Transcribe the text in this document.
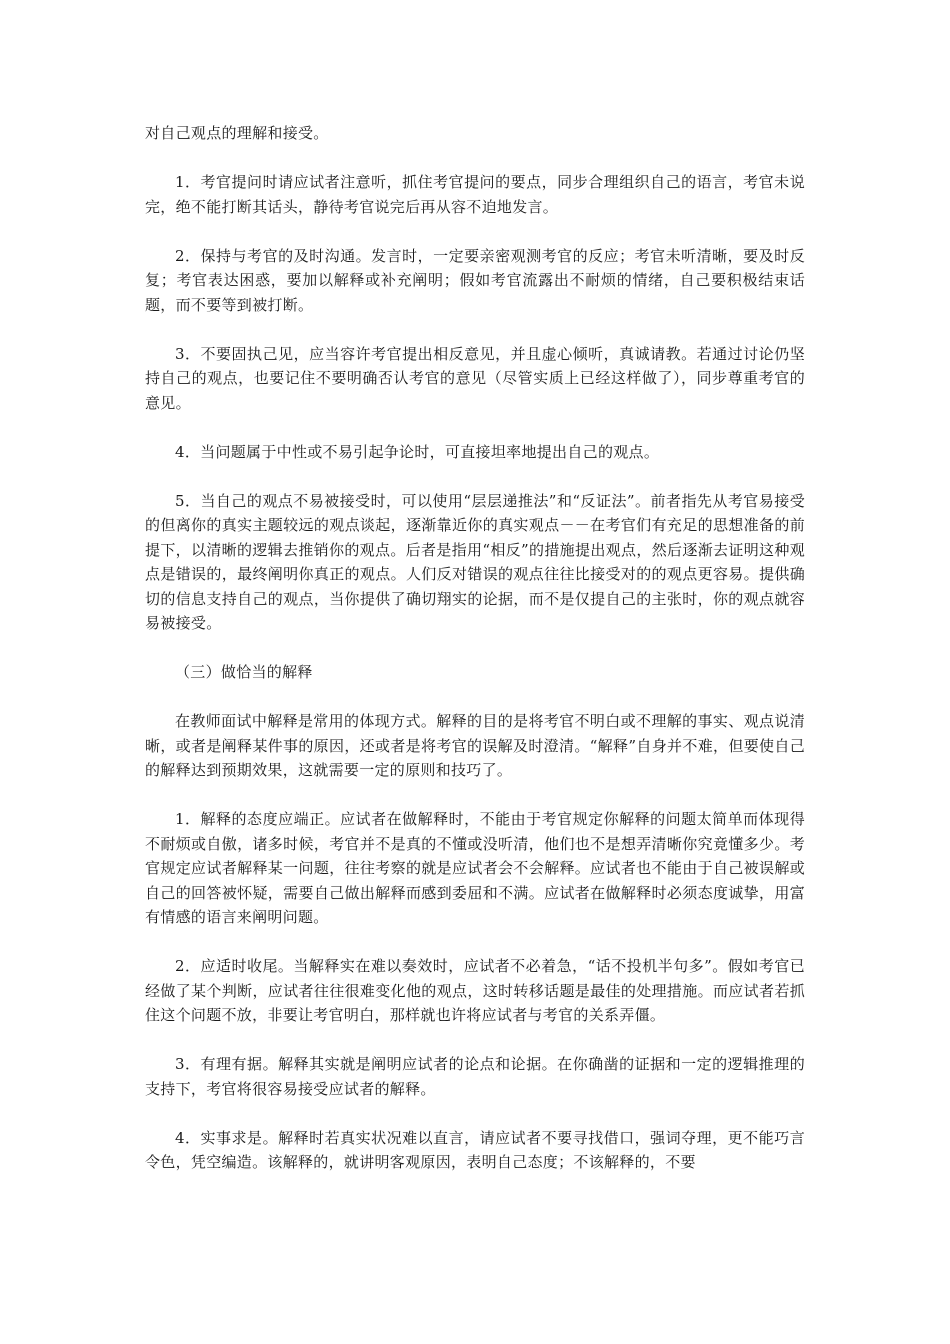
对自己观点的理解和接受。

1．考官提问时请应试者注意听，抓住考官提问的要点，同步合理组织自己的语言，考官未说完，绝不能打断其话头，静待考官说完后再从容不迫地发言。

2．保持与考官的及时沟通。发言时，一定要亲密观测考官的反应；考官未听清晰，要及时反复；考官表达困惑，要加以解释或补充阐明；假如考官流露出不耐烦的情绪，自己要积极结束话题，而不要等到被打断。

3．不要固执己见，应当容许考官提出相反意见，并且虚心倾听，真诚请教。若通过讨论仍坚持自己的观点，也要记住不要明确否认考官的意见（尽管实质上已经这样做了），同步尊重考官的意见。

4．当问题属于中性或不易引起争论时，可直接坦率地提出自己的观点。

5．当自己的观点不易被接受时，可以使用“层层递推法”和“反证法”。前者指先从考官易接受的但离你的真实主题较远的观点谈起，逐渐靠近你的真实观点－－在考官们有充足的思想准备的前提下，以清晰的逻辑去推销你的观点。后者是指用“相反”的措施提出观点，然后逐渐去证明这种观点是错误的，最终阐明你真正的观点。人们反对错误的观点往往比接受对的的观点更容易。提供确切的信息支持自己的观点，当你提供了确切翔实的论据，而不是仅提自己的主张时，你的观点就容易被接受。

（三）做恰当的解释

在教师面试中解释是常用的体现方式。解释的目的是将考官不明白或不理解的事实、观点说清晰，或者是阐释某件事的原因，还或者是将考官的误解及时澄清。“解释”自身并不难，但要使自己的解释达到预期效果，这就需要一定的原则和技巧了。

1．解释的态度应端正。应试者在做解释时，不能由于考官规定你解释的问题太简单而体现得不耐烦或自傲，诸多时候，考官并不是真的不懂或没听清，他们也不是想弄清晰你究竟懂多少。考官规定应试者解释某一问题，往往考察的就是应试者会不会解释。应试者也不能由于自己被误解或自己的回答被怀疑，需要自己做出解释而感到委屈和不满。应试者在做解释时必须态度诚挚，用富有情感的语言来阐明问题。

2．应适时收尾。当解释实在难以奏效时，应试者不必着急，“话不投机半句多”。假如考官已经做了某个判断，应试者往往很难变化他的观点，这时转移话题是最佳的处理措施。而应试者若抓住这个问题不放，非要让考官明白，那样就也许将应试者与考官的关系弄僵。

3．有理有据。解释其实就是阐明应试者的论点和论据。在你确凿的证据和一定的逻辑推理的支持下，考官将很容易接受应试者的解释。

4．实事求是。解释时若真实状况难以直言，请应试者不要寻找借口，强词夺理，更不能巧言令色，凭空编造。该解释的，就讲明客观原因，表明自己态度；不该解释的，不要
